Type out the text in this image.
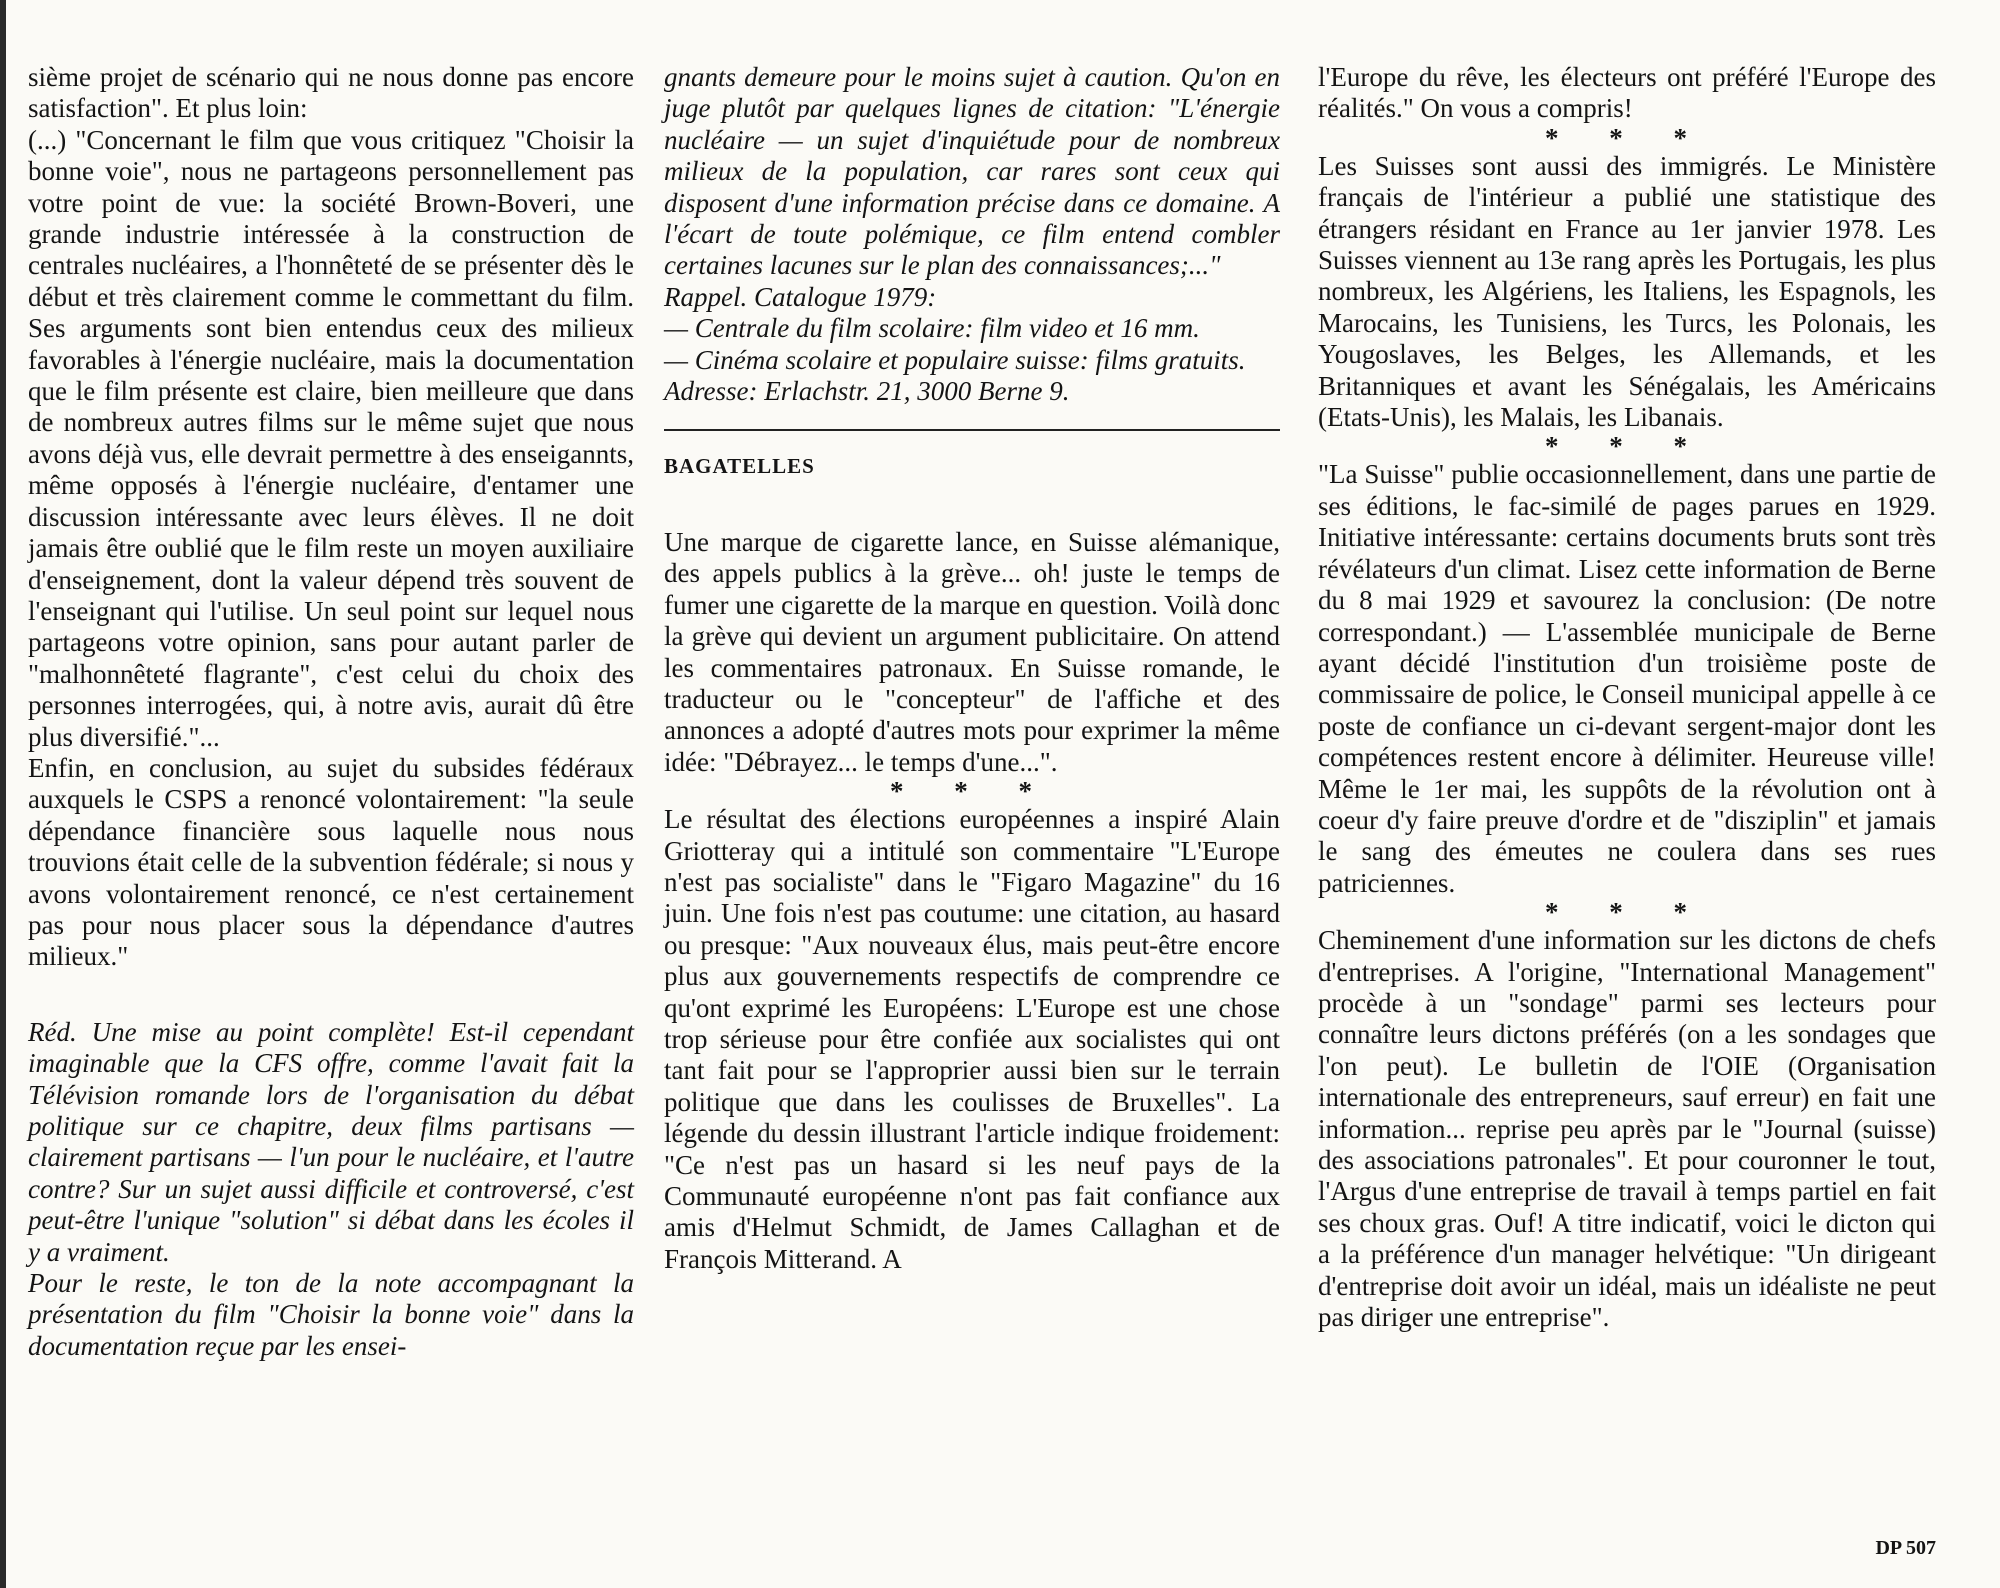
sième projet de scénario qui ne nous donne pas encore satisfaction". Et plus loin:

(...) "Concernant le film que vous critiquez "Choisir la bonne voie", nous ne partageons personnellement pas votre point de vue: la société Brown-Boveri, une grande industrie intéressée à la construction de centrales nucléaires, a l'honnêteté de se présenter dès le début et très clairement comme le commettant du film. Ses arguments sont bien entendus ceux des milieux favorables à l'énergie nucléaire, mais la documentation que le film présente est claire, bien meilleure que dans de nombreux autres films sur le même sujet que nous avons déjà vus, elle devrait permettre à des enseigannts, même opposés à l'énergie nucléaire, d'entamer une discussion intéressante avec leurs élèves. Il ne doit jamais être oublié que le film reste un moyen auxiliaire d'enseignement, dont la valeur dépend très souvent de l'enseignant qui l'utilise. Un seul point sur lequel nous partageons votre opinion, sans pour autant parler de "malhonnêteté flagrante", c'est celui du choix des personnes interrogées, qui, à notre avis, aurait dû être plus diversifié."...

Enfin, en conclusion, au sujet du subsides fédéraux auxquels le CSPS a renoncé volontairement: "la seule dépendance financière sous laquelle nous nous trouvions était celle de la subvention fédérale; si nous y avons volontairement renoncé, ce n'est certainement pas pour nous placer sous la dépendance d'autres milieux."

Réd. Une mise au point complète! Est-il cependant imaginable que la CFS offre, comme l'avait fait la Télévision romande lors de l'organisation du débat politique sur ce chapitre, deux films partisans — clairement partisans — l'un pour le nucléaire, et l'autre contre? Sur un sujet aussi difficile et controversé, c'est peut-être l'unique "solution" si débat dans les écoles il y a vraiment.

Pour le reste, le ton de la note accompagnant la présentation du film "Choisir la bonne voie" dans la documentation reçue par les ensei-

gnants demeure pour le moins sujet à caution. Qu'on en juge plutôt par quelques lignes de citation: "L'énergie nucléaire — un sujet d'inquiétude pour de nombreux milieux de la population, car rares sont ceux qui disposent d'une information précise dans ce domaine. A l'écart de toute polémique, ce film entend combler certaines lacunes sur le plan des connaissances;..."

Rappel. Catalogue 1979:

— Centrale du film scolaire: film video et 16 mm.

— Cinéma scolaire et populaire suisse: films gratuits.

Adresse: Erlachstr. 21, 3000 Berne 9.

BAGATELLES

Une marque de cigarette lance, en Suisse alémanique, des appels publics à la grève... oh! juste le temps de fumer une cigarette de la marque en question. Voilà donc la grève qui devient un argument publicitaire. On attend les commentaires patronaux. En Suisse romande, le traducteur ou le "concepteur" de l'affiche et des annonces a adopté d'autres mots pour exprimer la même idée: "Débrayez... le temps d'une...".

* * *

Le résultat des élections européennes a inspiré Alain Griotteray qui a intitulé son commentaire "L'Europe n'est pas socialiste" dans le "Figaro Magazine" du 16 juin. Une fois n'est pas coutume: une citation, au hasard ou presque: "Aux nouveaux élus, mais peut-être encore plus aux gouvernements respectifs de comprendre ce qu'ont exprimé les Européens: L'Europe est une chose trop sérieuse pour être confiée aux socialistes qui ont tant fait pour se l'approprier aussi bien sur le terrain politique que dans les coulisses de Bruxelles". La légende du dessin illustrant l'article indique froidement: "Ce n'est pas un hasard si les neuf pays de la Communauté européenne n'ont pas fait confiance aux amis d'Helmut Schmidt, de James Callaghan et de François Mitterand. A

l'Europe du rêve, les électeurs ont préféré l'Europe des réalités." On vous a compris!

* * *

Les Suisses sont aussi des immigrés. Le Ministère français de l'intérieur a publié une statistique des étrangers résidant en France au 1er janvier 1978. Les Suisses viennent au 13e rang après les Portugais, les plus nombreux, les Algériens, les Italiens, les Espagnols, les Marocains, les Tunisiens, les Turcs, les Polonais, les Yougoslaves, les Belges, les Allemands, et les Britanniques et avant les Sénégalais, les Américains (Etats-Unis), les Malais, les Libanais.

* * *

"La Suisse" publie occasionnellement, dans une partie de ses éditions, le fac-similé de pages parues en 1929. Initiative intéressante: certains documents bruts sont très révélateurs d'un climat. Lisez cette information de Berne du 8 mai 1929 et savourez la conclusion: (De notre correspondant.) — L'assemblée municipale de Berne ayant décidé l'institution d'un troisième poste de commissaire de police, le Conseil municipal appelle à ce poste de confiance un ci-devant sergent-major dont les compétences restent encore à délimiter. Heureuse ville! Même le 1er mai, les suppôts de la révolution ont à coeur d'y faire preuve d'ordre et de "disziplin" et jamais le sang des émeutes ne coulera dans ses rues patriciennes.

* * *

Cheminement d'une information sur les dictons de chefs d'entreprises. A l'origine, "International Management" procède à un "sondage" parmi ses lecteurs pour connaître leurs dictons préférés (on a les sondages que l'on peut). Le bulletin de l'OIE (Organisation internationale des entrepreneurs, sauf erreur) en fait une information... reprise peu après par le "Journal (suisse) des associations patronales". Et pour couronner le tout, l'Argus d'une entreprise de travail à temps partiel en fait ses choux gras. Ouf! A titre indicatif, voici le dicton qui a la préférence d'un manager helvétique: "Un dirigeant d'entreprise doit avoir un idéal, mais un idéaliste ne peut pas diriger une entreprise".

DP 507
